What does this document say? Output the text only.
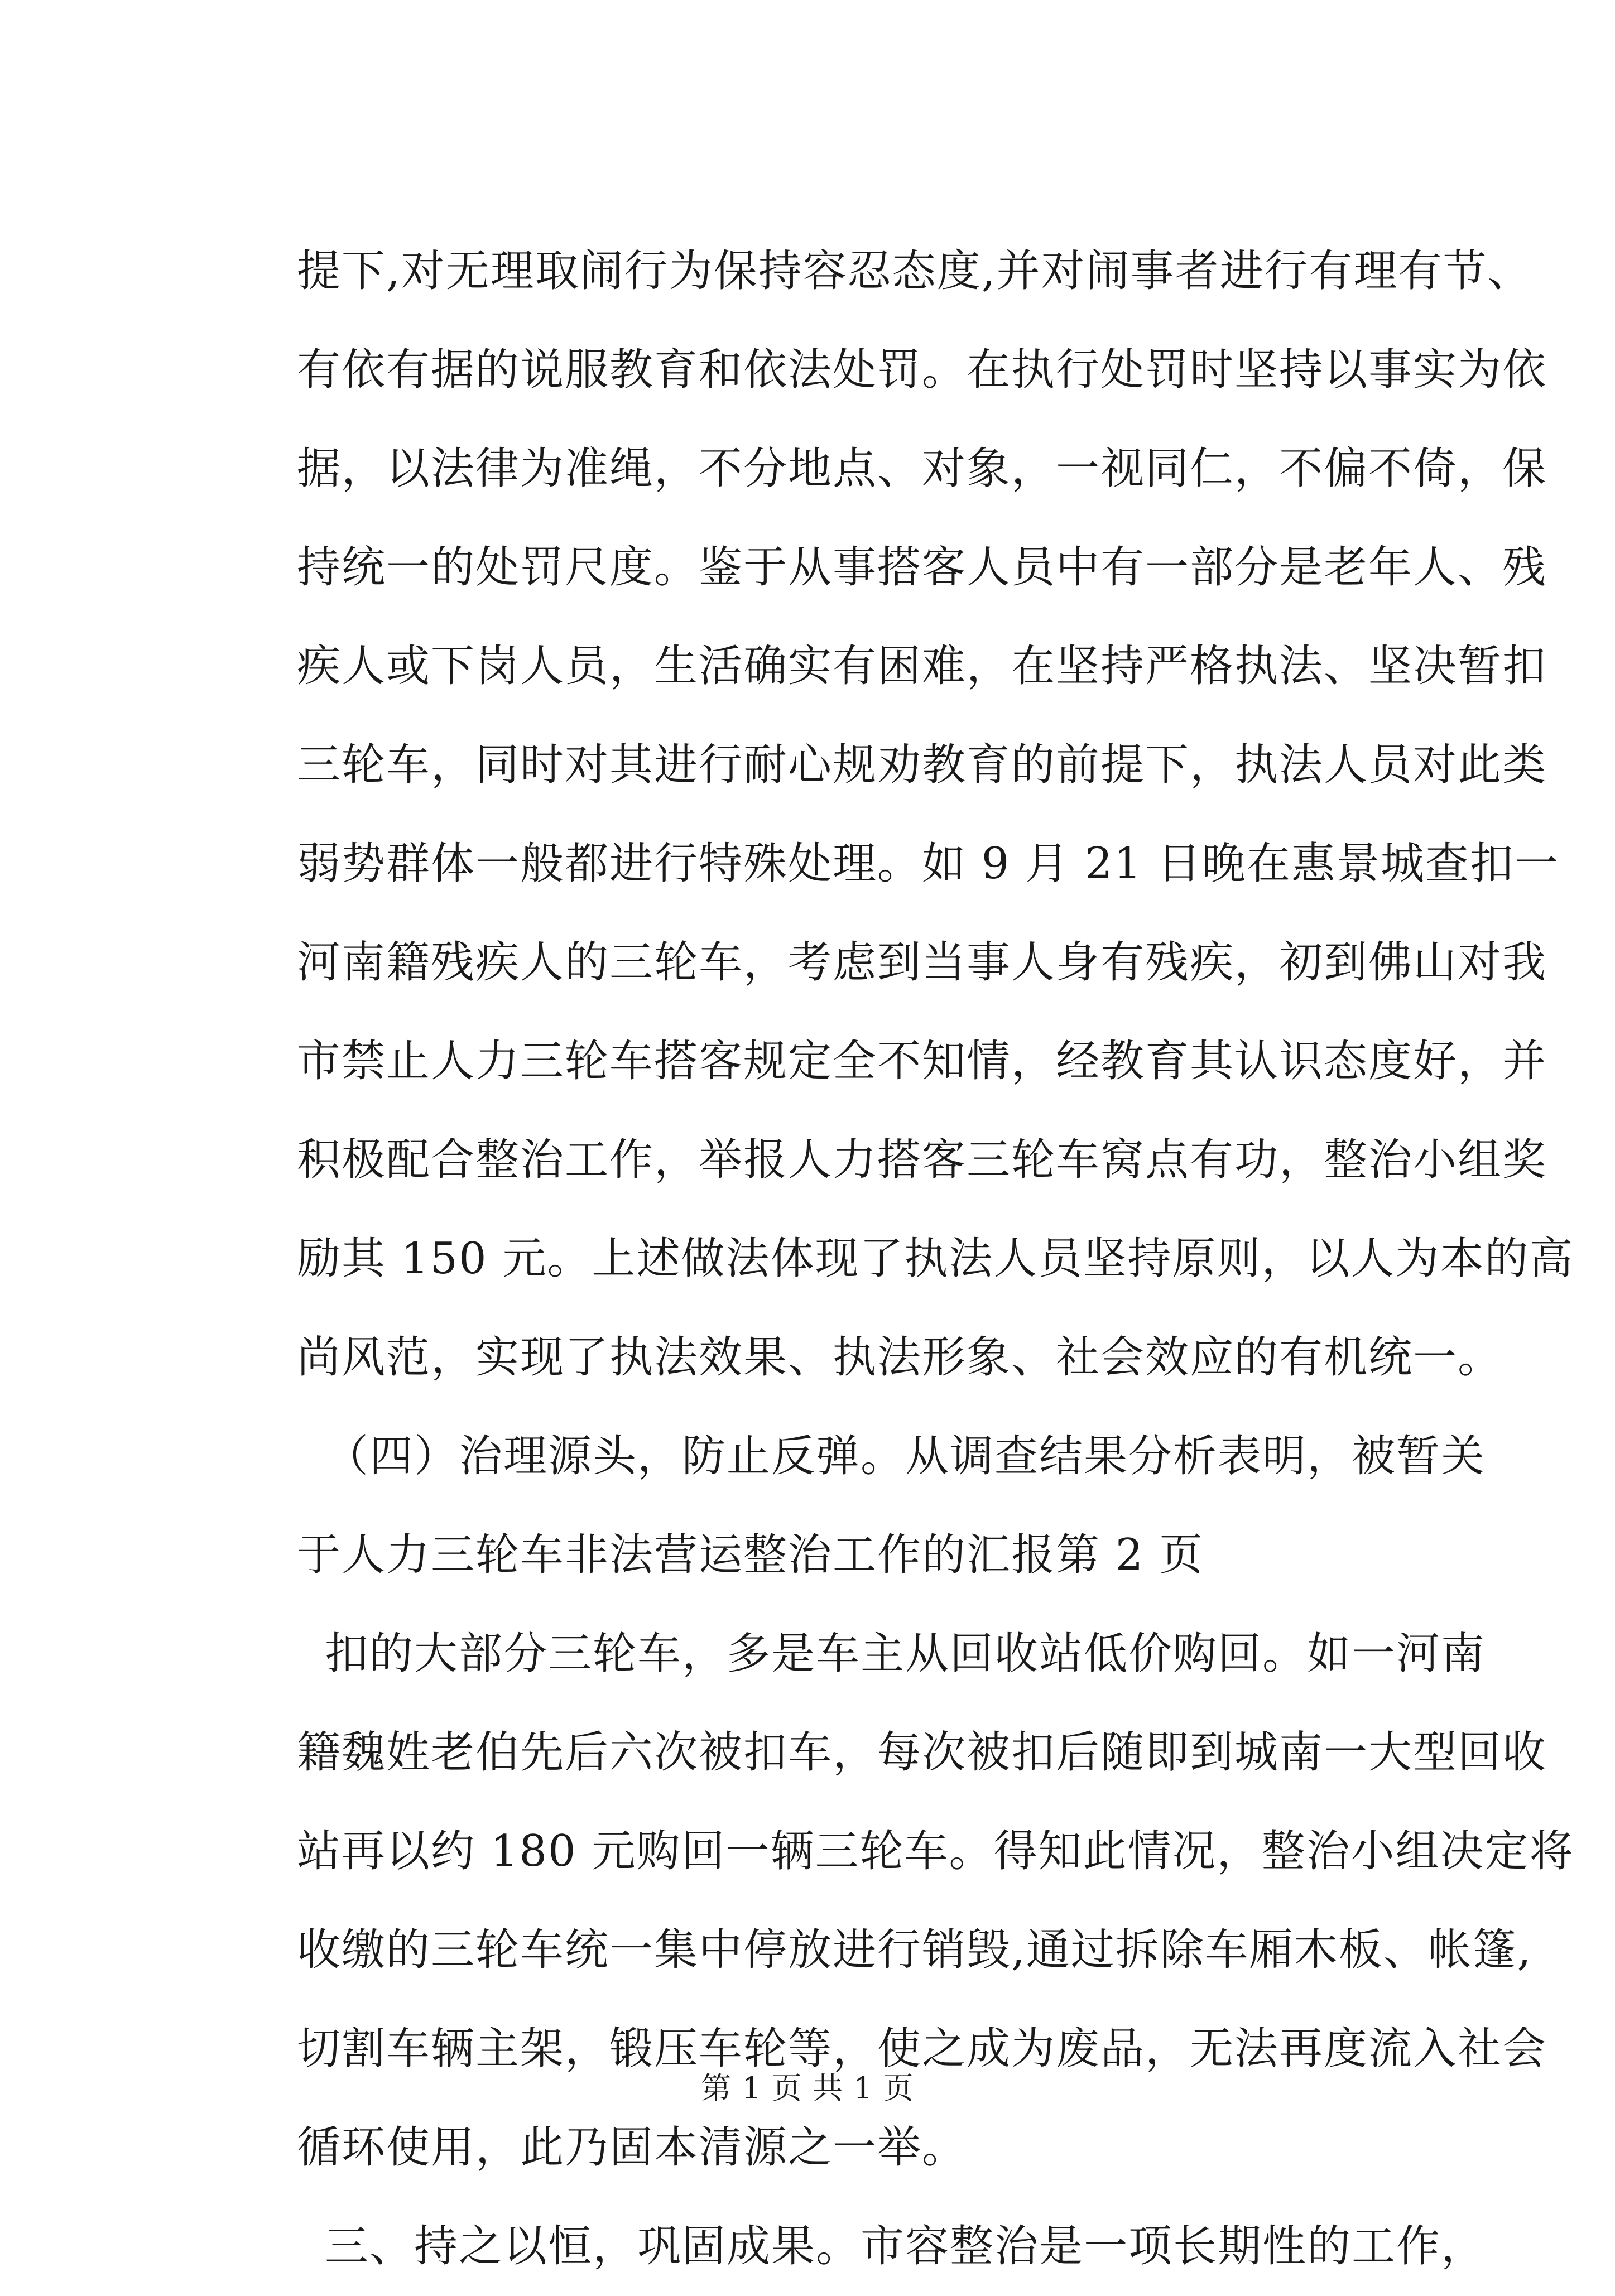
提下,对无理取闹行为保持容忍态度,并对闹事者进行有理有节、
有依有据的说服教育和依法处罚。在执行处罚时坚持以事实为依
据，以法律为准绳，不分地点、对象，一视同仁，不偏不倚，保
持统一的处罚尺度。鉴于从事搭客人员中有一部分是老年人、残
疾人或下岗人员，生活确实有困难，在坚持严格执法、坚决暂扣
三轮车，同时对其进行耐心规劝教育的前提下，执法人员对此类
弱势群体一般都进行特殊处理。如 9 月 21 日晚在惠景城查扣一
河南籍残疾人的三轮车，考虑到当事人身有残疾，初到佛山对我
市禁止人力三轮车搭客规定全不知情，经教育其认识态度好，并
积极配合整治工作，举报人力搭客三轮车窝点有功，整治小组奖
励其 150 元。上述做法体现了执法人员坚持原则，以人为本的高
尚风范，实现了执法效果、执法形象、社会效应的有机统一。
（四）治理源头，防止反弹。从调查结果分析表明，被暂关
于人力三轮车非法营运整治工作的汇报第 2 页
扣的大部分三轮车，多是车主从回收站低价购回。如一河南
籍魏姓老伯先后六次被扣车，每次被扣后随即到城南一大型回收
站再以约 180 元购回一辆三轮车。得知此情况，整治小组决定将
收缴的三轮车统一集中停放进行销毁,通过拆除车厢木板、帐篷,
切割车辆主架，锻压车轮等，使之成为废品，无法再度流入社会
循环使用，此乃固本清源之一举。
三、持之以恒，巩固成果。市容整治是一项长期性的工作，
第 1 页 共 1 页
